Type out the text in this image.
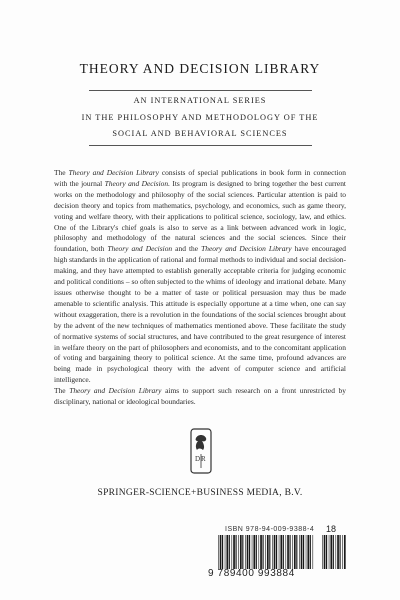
THEORY AND DECISION LIBRARY
AN INTERNATIONAL SERIES
IN THE PHILOSOPHY AND METHODOLOGY OF THE
SOCIAL AND BEHAVIORAL SCIENCES

The Theory and Decision Library consists of special publications in book form in connection with the journal Theory and Decision. Its program is designed to bring together the best current works on the methodology and philosophy of the social sciences. Particular attention is paid to decision theory and topics from mathematics, psychology, and economics, such as game theory, voting and welfare theory, with their applications to political science, sociology, law, and ethics. One of the Library's chief goals is also to serve as a link between advanced work in logic, philosophy and methodology of the natural sciences and the social sciences. Since their foundation, both Theory and Decision and the Theory and Decision Library have encouraged high standards in the application of rational and formal methods to individual and social decision-making, and they have attempted to establish generally acceptable criteria for judging economic and political conditions – so often subjected to the whims of ideology and irrational debate. Many issues otherwise thought to be a matter of taste or political persuasion may thus be made amenable to scientific analysis. This attitude is especially opportune at a time when, one can say without exaggeration, there is a revolution in the foundations of the social sciences brought about by the advent of the new techniques of mathematics mentioned above. These facilitate the study of normative systems of social structures, and have contributed to the great resurgence of interest in welfare theory on the part of philosophers and economists, and to the concomitant application of voting and bargaining theory to political science. At the same time, profound advances are being made in psychological theory with the advent of computer science and artificial intelligence.

The Theory and Decision Library aims to support such research on a front unrestricted by disciplinary, national or ideological boundaries.

D R
SPRINGER-SCIENCE+BUSINESS MEDIA, B.V.
ISBN 978-94-009-9388-4 18
9 789400 993884
